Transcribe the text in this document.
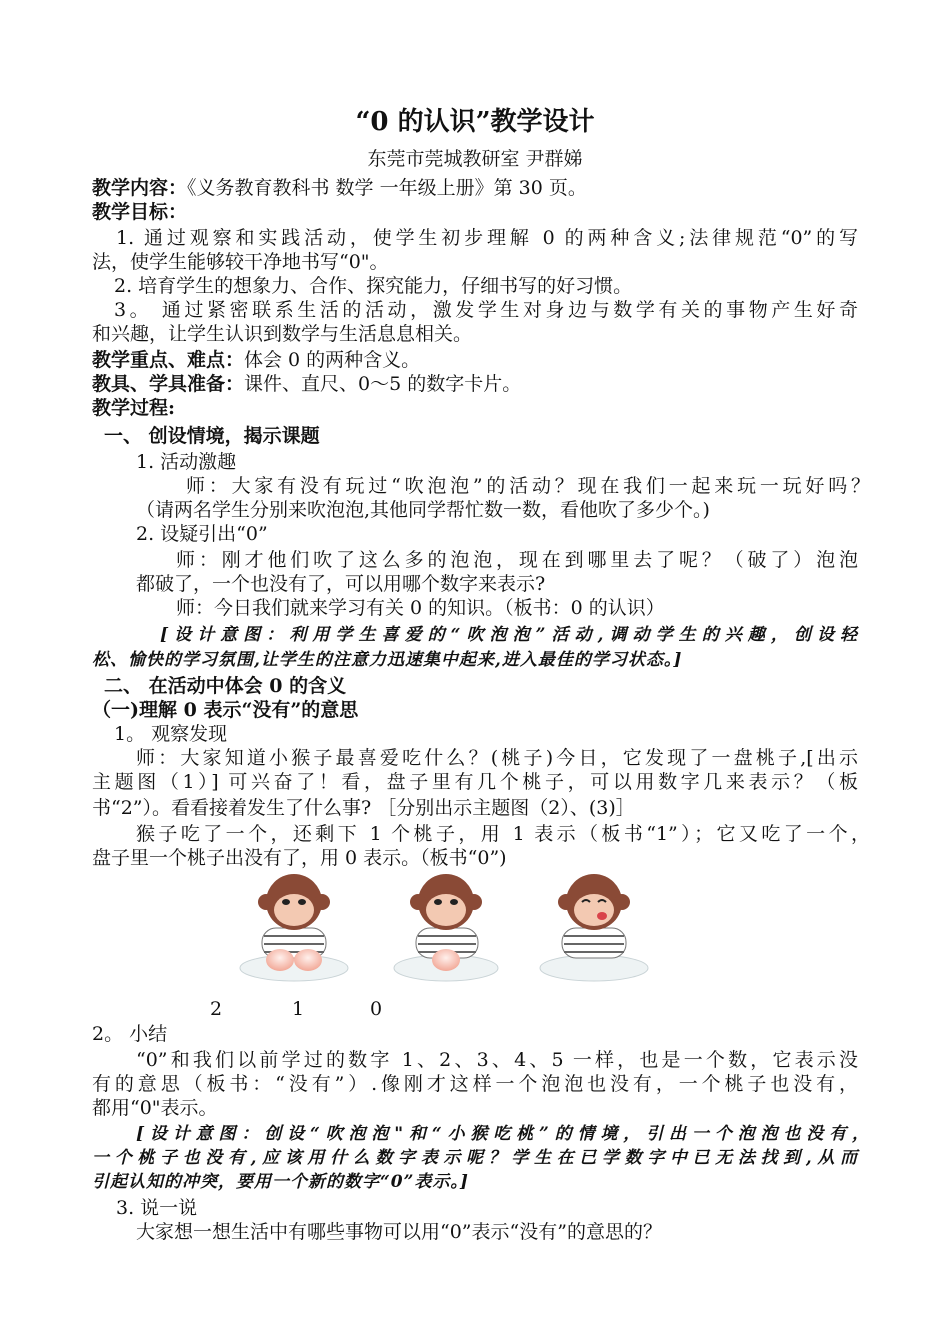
“0 的认识”教学设计
东莞市莞城教研室 尹群娣
教学内容：《义务教育教科书 数学 一年级上册》第 30 页。
教学目标：
1. 通过观察和实践活动，使学生初步理解 0 的两种含义;法律规范“0”的写
法，使学生能够较干净地书写“0"。
2. 培育学生的想象力、合作、探究能力，仔细书写的好习惯。
3。 通过紧密联系生活的活动，激发学生对身边与数学有关的事物产生好奇
和兴趣，让学生认识到数学与生活息息相关。
教学重点、难点：体会 0 的两种含义。
教具、学具准备：课件、直尺、0～5 的数字卡片。
教学过程:
一、 创设情境，揭示课题
1. 活动激趣
师：大家有没有玩过“吹泡泡”的活动？现在我们一起来玩一玩好吗？
（请两名学生分别来吹泡泡,其他同学帮忙数一数，看他吹了多少个。)
2. 设疑引出“0”
师：刚才他们吹了这么多的泡泡，现在到哪里去了呢？（破了）泡泡
都破了，一个也没有了，可以用哪个数字来表示?
师：今日我们就来学习有关 0 的知识。（板书：0 的认识）
[设计意图：利用学生喜爱的“吹泡泡”活动,调动学生的兴趣，创设轻
松、愉快的学习氛围,让学生的注意力迅速集中起来,进入最佳的学习状态。]
二、 在活动中体会 0 的含义
（一)理解 0 表示“没有”的意思
1。 观察发现
师：大家知道小猴子最喜爱吃什么？(桃子)今日，它发现了一盘桃子,[出示
主题图（1）] 可兴奋了！看，盘子里有几个桃子，可以用数字几来表示？（板
书“2”）。看看接着发生了什么事? ［分别出示主题图（2）、(3)］
猴子吃了一个，还剩下 1 个桃子，用 1 表示（板书“1”）；它又吃了一个，
盘子里一个桃子出没有了，用 0 表示。（板书“0”)
2	1	0
2。 小结
“0”和我们以前学过的数字 1、2、3、4、5 一样，也是一个数，它表示没
有的意思（板书：“没有”）.像刚才这样一个泡泡也没有，一个桃子也没有，
都用“0"表示。
[设计意图：创设“吹泡泡"和“小猴吃桃”的情境，引出一个泡泡也没有，
一个桃子也没有,应该用什么数字表示呢？学生在已学数字中已无法找到,从而
引起认知的冲突，要用一个新的数字“0”表示。]
3. 说一说
大家想一想生活中有哪些事物可以用“0”表示“没有”的意思的？
